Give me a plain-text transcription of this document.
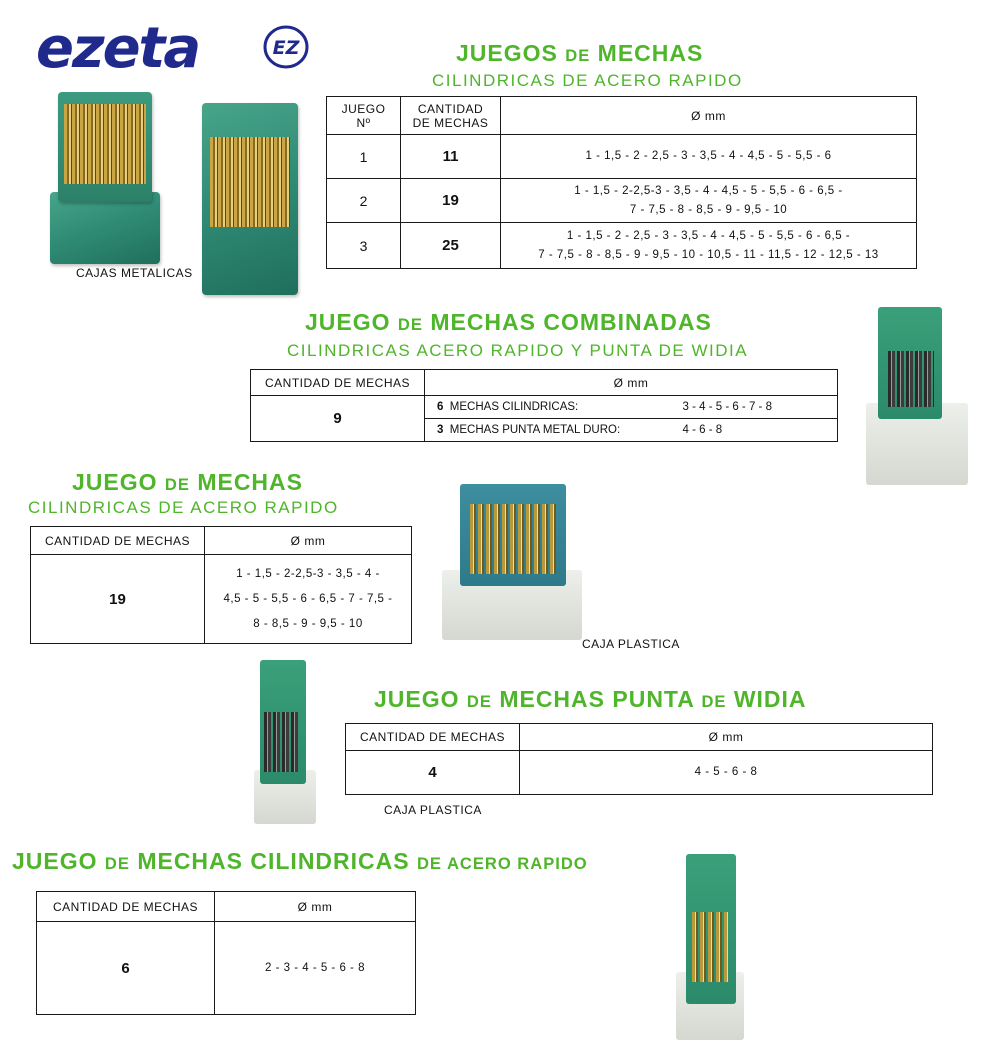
ezeta	EZ	JUEGOS DE MECHAS
CILINDRICAS DE ACERO RAPIDO
CAJAS METALICAS
JUEGO
Nº	CANTIDAD
DE MECHAS	Ø mm
1	11	1 - 1,5 - 2 - 2,5 - 3 - 3,5 - 4 - 4,5 - 5 - 5,5 - 6
2	19	1 - 1,5 - 2-2,5-3 - 3,5 - 4 - 4,5 - 5 - 5,5 - 6 - 6,5 -
7 - 7,5 - 8 - 8,5 - 9 - 9,5 - 10
3	25	1 - 1,5 - 2 - 2,5 - 3 - 3,5 - 4 - 4,5 - 5 - 5,5 - 6 - 6,5 -
7 - 7,5 - 8 - 8,5 - 9 - 9,5 - 10 - 10,5 - 11 - 11,5 - 12 - 12,5 - 13
JUEGO DE MECHAS COMBINADAS
CILINDRICAS ACERO RAPIDO Y PUNTA DE WIDIA
CANTIDAD DE MECHAS	Ø mm
9	6 MECHAS CILINDRICAS: 3 - 4 - 5 - 6 - 7 - 8

	3 MECHAS PUNTA METAL DURO: 4 - 6 - 8
JUEGO DE MECHAS
CILINDRICAS DE ACERO RAPIDO
CANTIDAD DE MECHAS	Ø mm
19	1 - 1,5 - 2-2,5-3 - 3,5 - 4 -
4,5 - 5 - 5,5 - 6 - 6,5 - 7 - 7,5 -
8 - 8,5 - 9 - 9,5 - 10
CAJA PLASTICA
JUEGO DE MECHAS PUNTA DE WIDIA
CANTIDAD DE MECHAS	Ø mm
4	4 - 5 - 6 - 8
CAJA PLASTICA
JUEGO DE MECHAS CILINDRICAS DE ACERO RAPIDO
CANTIDAD DE MECHAS	Ø mm
6	2 - 3 - 4 - 5 - 6 - 8
